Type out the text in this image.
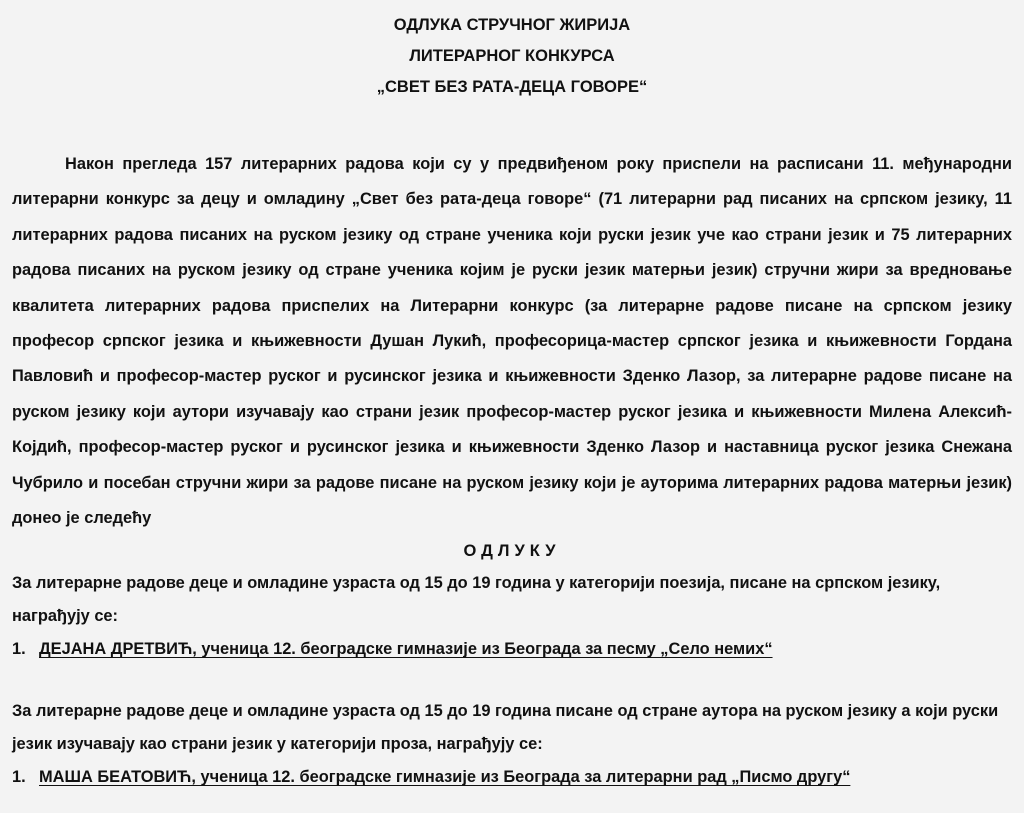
ОДЛУКА СТРУЧНОГ ЖИРИЈА

ЛИТЕРАРНОГ КОНКУРСА

„СВЕТ БЕЗ РАТА-ДЕЦА ГОВОРЕ“

Након прегледа 157 литерарних радова који су у предвиђеном року приспели на расписани 11. међународни литерарни конкурс за децу и омладину „Свет без рата-деца говоре“ (71 литерарни рад писаних на српском језику, 11 литерарних радова писаних на руском језику од стране ученика који руски језик уче као страни језик и 75 литерарних радова писаних на руском језику од стране ученика којим је руски језик матерњи језик) стручни жири за вредновање квалитета литерарних радова приспелих на Литерарни конкурс (за литерарне радове писане на српском језику професор српског језика и књижевности Душан Лукић, професорица-мастер српског језика и књижевности Гордана Павловић и професор-мастер руског и русинског језика и књижевности Зденко Лазор, за литерарне радове писане на руском језику који аутори изучавају као страни језик професор-мастер руског језика и књижевности Милена Алексић-Којдић, професор-мастер руског и русинског језика и књижевности Зденко Лазор и наставница руског језика Снежана Чубрило и посебан стручни жири за радове писане на руском језику који је ауторима литерарних радова матерњи језик) донео је следећу

ОДЛУКУ

За литерарне радове деце и омладине узраста од 15 до 19 година у категорији поезија, писане на српском језику, награђују се:

1. ДЕЈАНА ДРЕТВИЋ, ученица 12. београдске гимназије из Београда за песму „Село немих“

За литерарне радове деце и омладине узраста од 15 до 19 година писане од стране аутора на руском језику а који руски језик изучавају као страни језик у категорији проза, награђују се:

1. МАША БЕАТОВИЋ, ученица 12. београдске гимназије из Београда за литерарни рад „Писмо другу“
